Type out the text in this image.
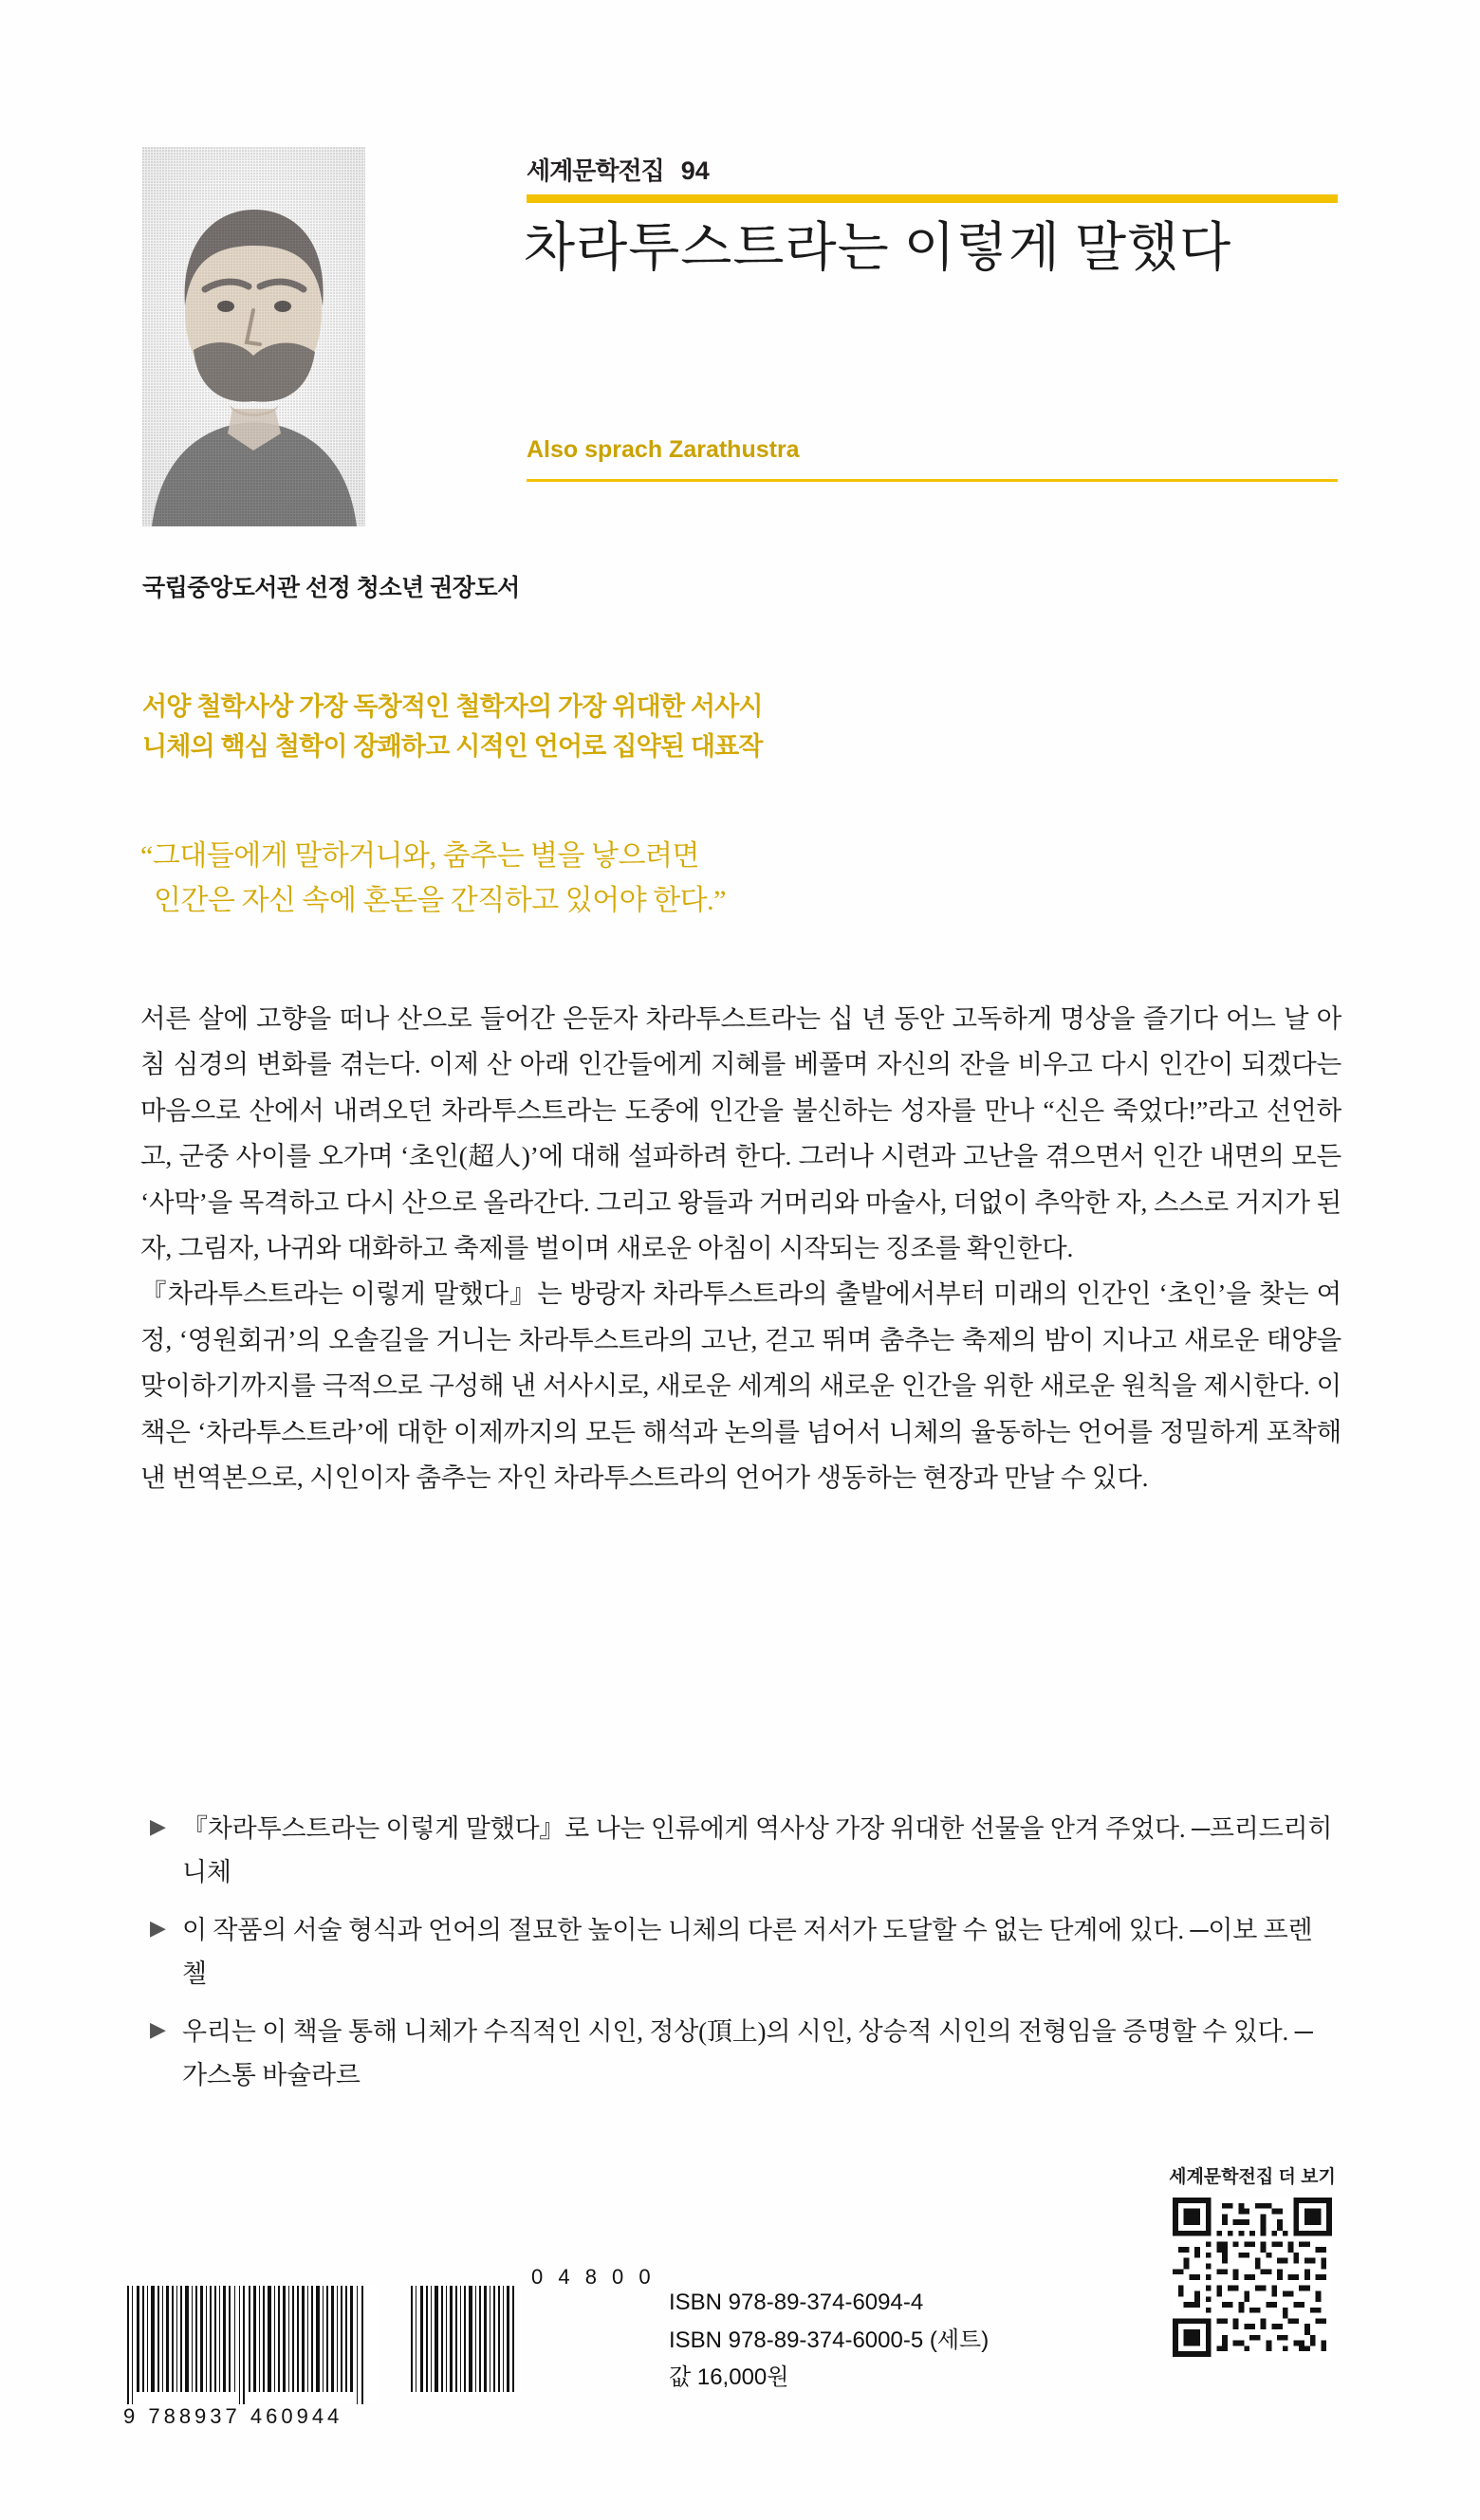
세계문학전집 94
차라투스트라는 이렇게 말했다
Also sprach Zarathustra
국립중앙도서관 선정 청소년 권장도서
서양 철학사상 가장 독창적인 철학자의 가장 위대한 서사시
니체의 핵심 철학이 장쾌하고 시적인 언어로 집약된 대표작
“그대들에게 말하거니와, 춤추는 별을 낳으려면
인간은 자신 속에 혼돈을 간직하고 있어야 한다.”

서른 살에 고향을 떠나 산으로 들어간 은둔자 차라투스트라는 십 년 동안 고독하게 명상을 즐기다 어느 날 아침 심경의 변화를 겪는다. 이제 산 아래 인간들에게 지혜를 베풀며 자신의 잔을 비우고 다시 인간이 되겠다는 마음으로 산에서 내려오던 차라투스트라는 도중에 인간을 불신하는 성자를 만나 “신은 죽었다!”라고 선언하고, 군중 사이를 오가며 ‘초인(超人)’에 대해 설파하려 한다. 그러나 시련과 고난을 겪으면서 인간 내면의 모든 ‘사막’을 목격하고 다시 산으로 올라간다. 그리고 왕들과 거머리와 마술사, 더없이 추악한 자, 스스로 거지가 된 자, 그림자, 나귀와 대화하고 축제를 벌이며 새로운 아침이 시작되는 징조를 확인한다.

『차라투스트라는 이렇게 말했다』는 방랑자 차라투스트라의 출발에서부터 미래의 인간인 ‘초인’을 찾는 여정, ‘영원회귀’의 오솔길을 거니는 차라투스트라의 고난, 걷고 뛰며 춤추는 축제의 밤이 지나고 새로운 태양을 맞이하기까지를 극적으로 구성해 낸 서사시로, 새로운 세계의 새로운 인간을 위한 새로운 원칙을 제시한다. 이 책은 ‘차라투스트라’에 대한 이제까지의 모든 해석과 논의를 넘어서 니체의 율동하는 언어를 정밀하게 포착해 낸 번역본으로, 시인이자 춤추는 자인 차라투스트라의 언어가 생동하는 현장과 만날 수 있다.

▶ 『차라투스트라는 이렇게 말했다』로 나는 인류에게 역사상 가장 위대한 선물을 안겨 주었다. ─프리드리히 니체
▶ 이 작품의 서술 형식과 언어의 절묘한 높이는 니체의 다른 저서가 도달할 수 없는 단계에 있다. ─이보 프렌첼
▶ 우리는 이 책을 통해 니체가 수직적인 시인, 정상(頂上)의 시인, 상승적 시인의 전형임을 증명할 수 있다. ─가스통 바슐라르
세계문학전집 더 보기
0 4 8 0 0
9 788937 460944
ISBN 978-89-374-6094-4
ISBN 978-89-374-6000-5 (세트)
값 16,000원
